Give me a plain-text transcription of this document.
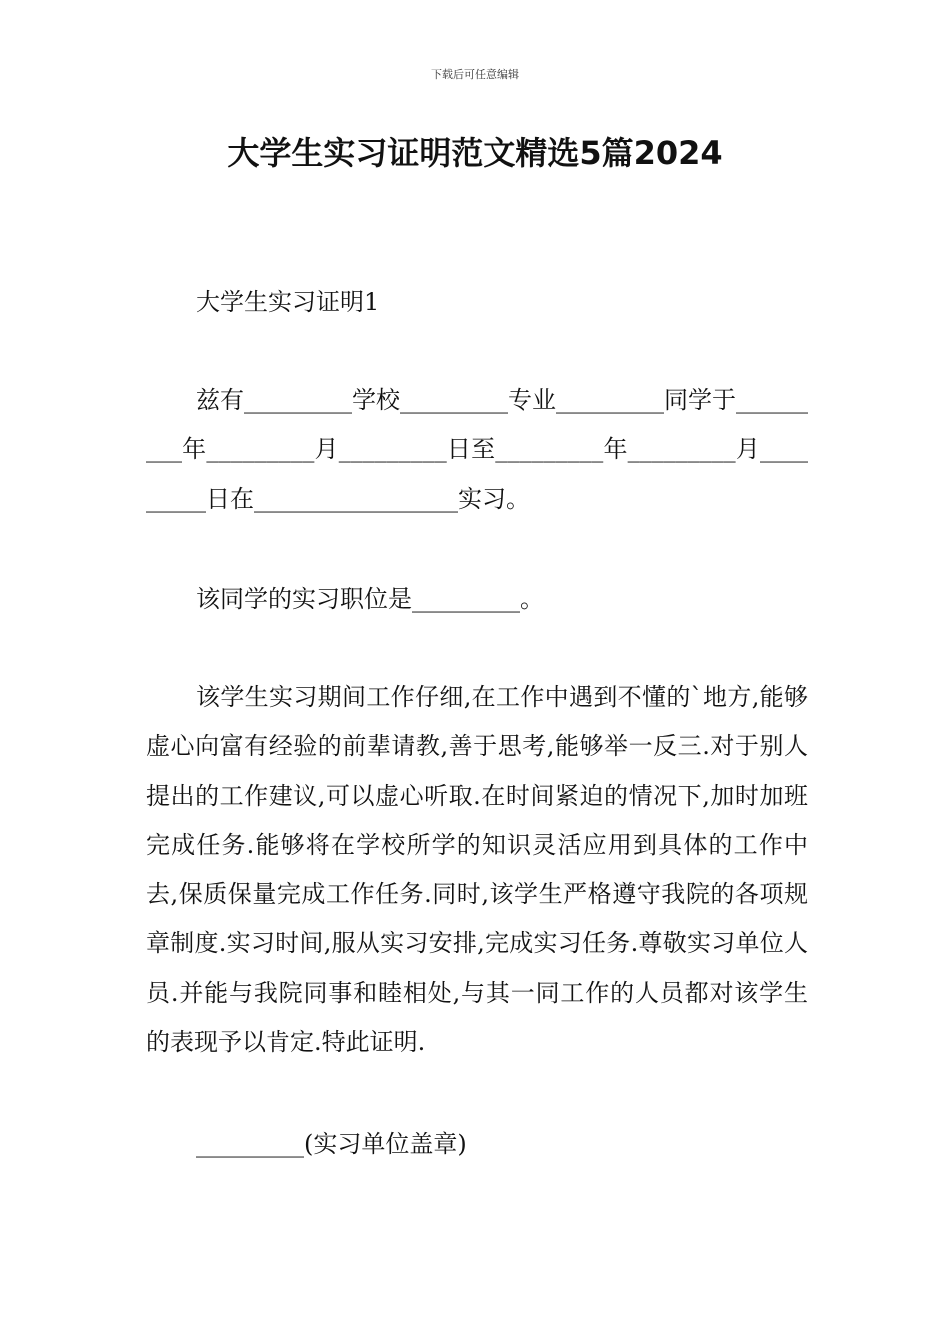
下载后可任意编辑
大学生实习证明范文精选5篇2024
大学生实习证明1

兹有_________学校_________专业_________同学于_________年_________月_________日至_________年_________月_________日在_________________实习。

该同学的实习职位是_________。

该学生实习期间工作仔细,在工作中遇到不懂的`地方,能够虚心向富有经验的前辈请教,善于思考,能够举一反三.对于别人提出的工作建议,可以虚心听取.在时间紧迫的情况下,加时加班完成任务.能够将在学校所学的知识灵活应用到具体的工作中去,保质保量完成工作任务.同时,该学生严格遵守我院的各项规章制度.实习时间,服从实习安排,完成实习任务.尊敬实习单位人员.并能与我院同事和睦相处,与其一同工作的人员都对该学生的表现予以肯定.特此证明.

_________(实习单位盖章)
